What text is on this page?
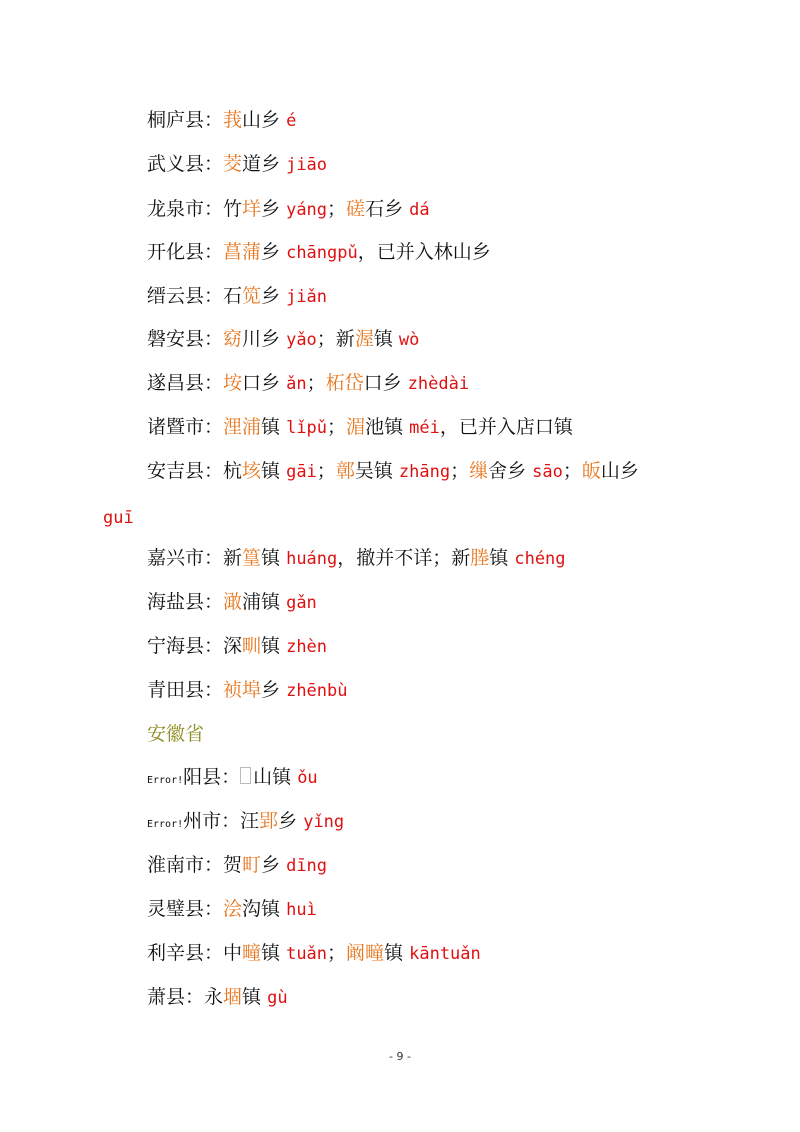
桐庐县：莪山乡 é
武义县：茭道乡 jiāo
龙泉市：竹垟乡 yáng；磋石乡 dá
开化县：菖蒲乡 chāngpǔ，已并入林山乡
缙云县：石笕乡 jiǎn
磐安县：窈川乡 yǎo；新渥镇 wò
遂昌县：垵口乡 ǎn；柘岱口乡 zhèdài
诸暨市：浬浦镇 lǐpǔ；湄池镇 méi，已并入店口镇
安吉县：杭垓镇 gāi；鄣吴镇 zhāng；缫舍乡 sāo；皈山乡
嘉兴市：新篁镇 huáng，撤并不详；新塍镇 chéng
海盐县：澉浦镇 gǎn
宁海县：深甽镇 zhèn
青田县：祯埠乡 zhēnbù
安徽省
Error!阳县： 山镇 ǒu
Error!州市：汪郢乡 yǐng
淮南市：贺町乡 dīng
灵璧县：浍沟镇 huì
利辛县：中疃镇 tuǎn；阚疃镇 kāntuǎn
萧县：永堌镇 gù
guī
- 9 -
